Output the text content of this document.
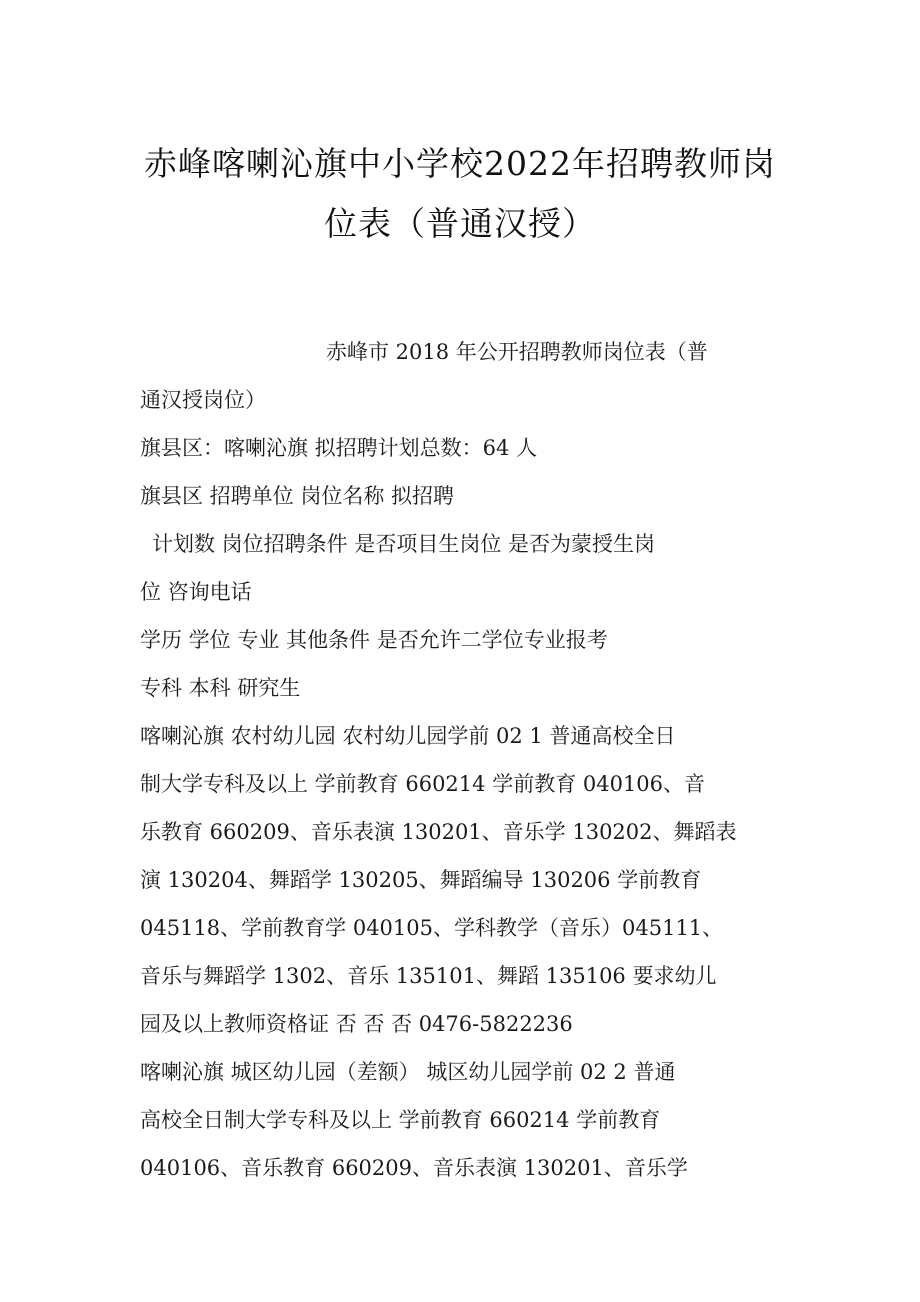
赤峰喀喇沁旗中小学校2022年招聘教师岗
位表（普通汉授）
赤峰市 2018 年公开招聘教师岗位表（普
通汉授岗位）
旗县区：喀喇沁旗 拟招聘计划总数：64 人
旗县区 招聘单位 岗位名称 拟招聘
计划数 岗位招聘条件 是否项目生岗位 是否为蒙授生岗
位 咨询电话
学历 学位 专业 其他条件 是否允许二学位专业报考
专科 本科 研究生
喀喇沁旗 农村幼儿园 农村幼儿园学前 02 1 普通高校全日
制大学专科及以上 学前教育 660214 学前教育 040106、音
乐教育 660209、音乐表演 130201、音乐学 130202、舞蹈表
演 130204、舞蹈学 130205、舞蹈编导 130206 学前教育
045118、学前教育学 040105、学科教学（音乐）045111、
音乐与舞蹈学 1302、音乐 135101、舞蹈 135106 要求幼儿
园及以上教师资格证 否 否 否 0476-5822236
喀喇沁旗 城区幼儿园（差额） 城区幼儿园学前 02 2 普通
高校全日制大学专科及以上 学前教育 660214 学前教育
040106、音乐教育 660209、音乐表演 130201、音乐学
